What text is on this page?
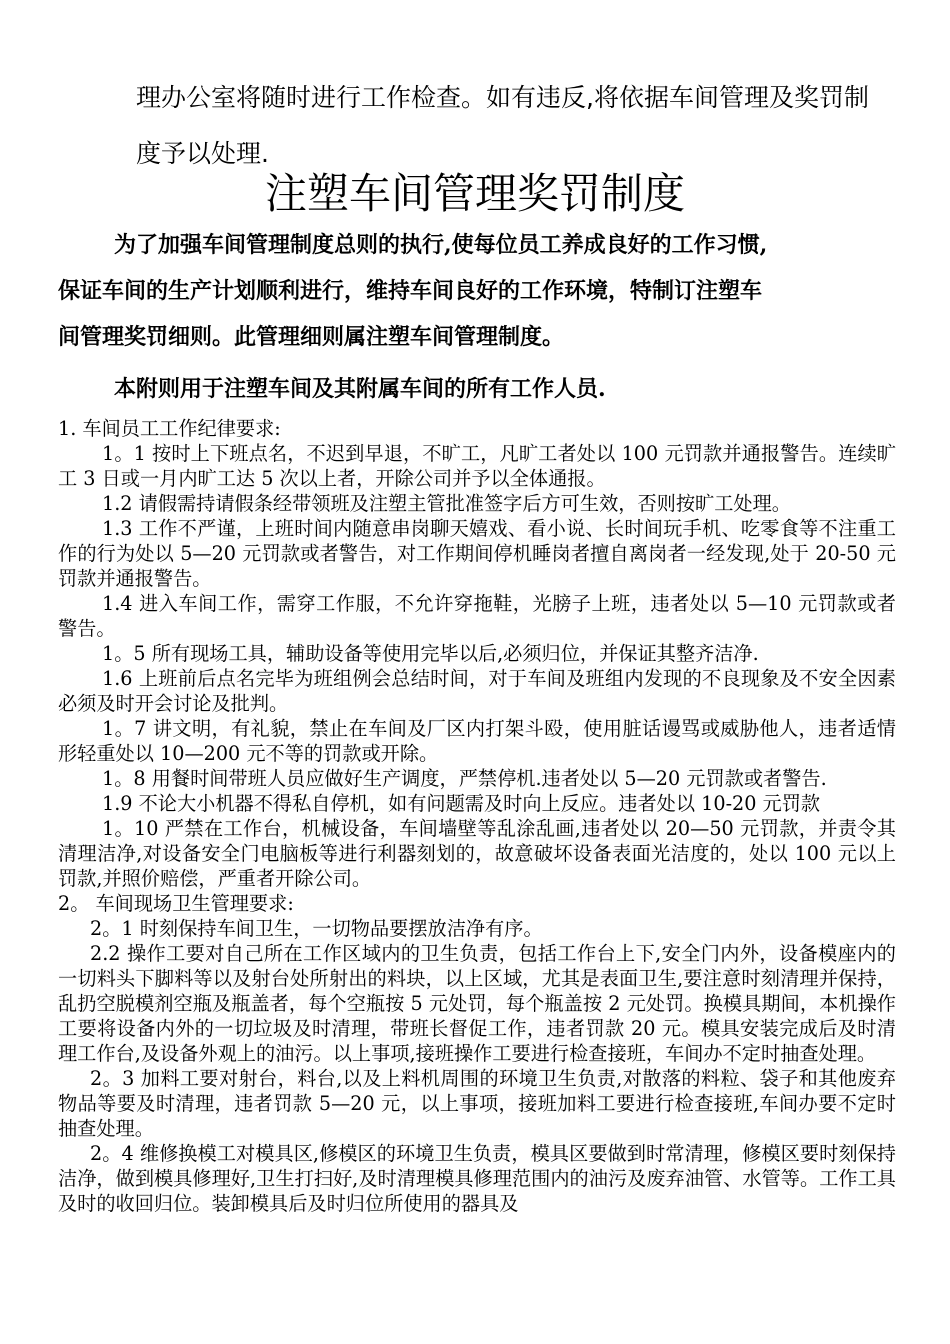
理办公室将随时进行工作检查。如有违反,将依据车间管理及奖罚制
度予以处理.
注塑车间管理奖罚制度
为了加强车间管理制度总则的执行,使每位员工养成良好的工作习惯,
保证车间的生产计划顺利进行，维持车间良好的工作环境，特制订注塑车
间管理奖罚细则。此管理细则属注塑车间管理制度。
本附则用于注塑车间及其附属车间的所有工作人员.

1. 车间员工工作纪律要求:

1。1 按时上下班点名，不迟到早退，不旷工，凡旷工者处以 100 元罚款并通报警告。连续旷工 3 日或一月内旷工达 5 次以上者，开除公司并予以全体通报。

1.2 请假需持请假条经带领班及注塑主管批准签字后方可生效，否则按旷工处理。

1.3 工作不严谨，上班时间内随意串岗聊天嬉戏、看小说、长时间玩手机、吃零食等不注重工作的行为处以 5—20 元罚款或者警告，对工作期间停机睡岗者擅自离岗者一经发现,处于 20-50 元罚款并通报警告。

1.4 进入车间工作，需穿工作服，不允许穿拖鞋，光膀子上班，违者处以 5—10 元罚款或者警告。

1。5 所有现场工具，辅助设备等使用完毕以后,必须归位，并保证其整齐洁净.

1.6 上班前后点名完毕为班组例会总结时间，对于车间及班组内发现的不良现象及不安全因素必须及时开会讨论及批判。

1。7 讲文明，有礼貌，禁止在车间及厂区内打架斗殴，使用脏话谩骂或威胁他人，违者适情形轻重处以 10—200 元不等的罚款或开除。

1。8 用餐时间带班人员应做好生产调度，严禁停机.违者处以 5—20 元罚款或者警告.

1.9 不论大小机器不得私自停机，如有问题需及时向上反应。违者处以 10-20 元罚款

1。10 严禁在工作台，机械设备，车间墙壁等乱涂乱画,违者处以 20—50 元罚款，并责令其清理洁净,对设备安全门电脑板等进行利器刻划的，故意破坏设备表面光洁度的，处以 100 元以上罚款,并照价赔偿，严重者开除公司。

2。 车间现场卫生管理要求:

2。1 时刻保持车间卫生，一切物品要摆放洁净有序。

2.2 操作工要对自己所在工作区域内的卫生负责，包括工作台上下,安全门内外，设备模座内的一切料头下脚料等以及射台处所射出的料块，以上区域，尤其是表面卫生,要注意时刻清理并保持，乱扔空脱模剂空瓶及瓶盖者，每个空瓶按 5 元处罚，每个瓶盖按 2 元处罚。换模具期间，本机操作工要将设备内外的一切垃圾及时清理，带班长督促工作，违者罚款 20 元。模具安装完成后及时清理工作台,及设备外观上的油污。以上事项,接班操作工要进行检查接班，车间办不定时抽查处理。

2。3 加料工要对射台，料台,以及上料机周围的环境卫生负责,对散落的料粒、袋子和其他废弃物品等要及时清理，违者罚款 5—20 元，以上事项，接班加料工要进行检查接班,车间办要不定时抽查处理。

2。4 维修换模工对模具区,修模区的环境卫生负责，模具区要做到时常清理，修模区要时刻保持洁净，做到模具修理好,卫生打扫好,及时清理模具修理范围内的油污及废弃油管、水管等。工作工具及时的收回归位。装卸模具后及时归位所使用的器具及
